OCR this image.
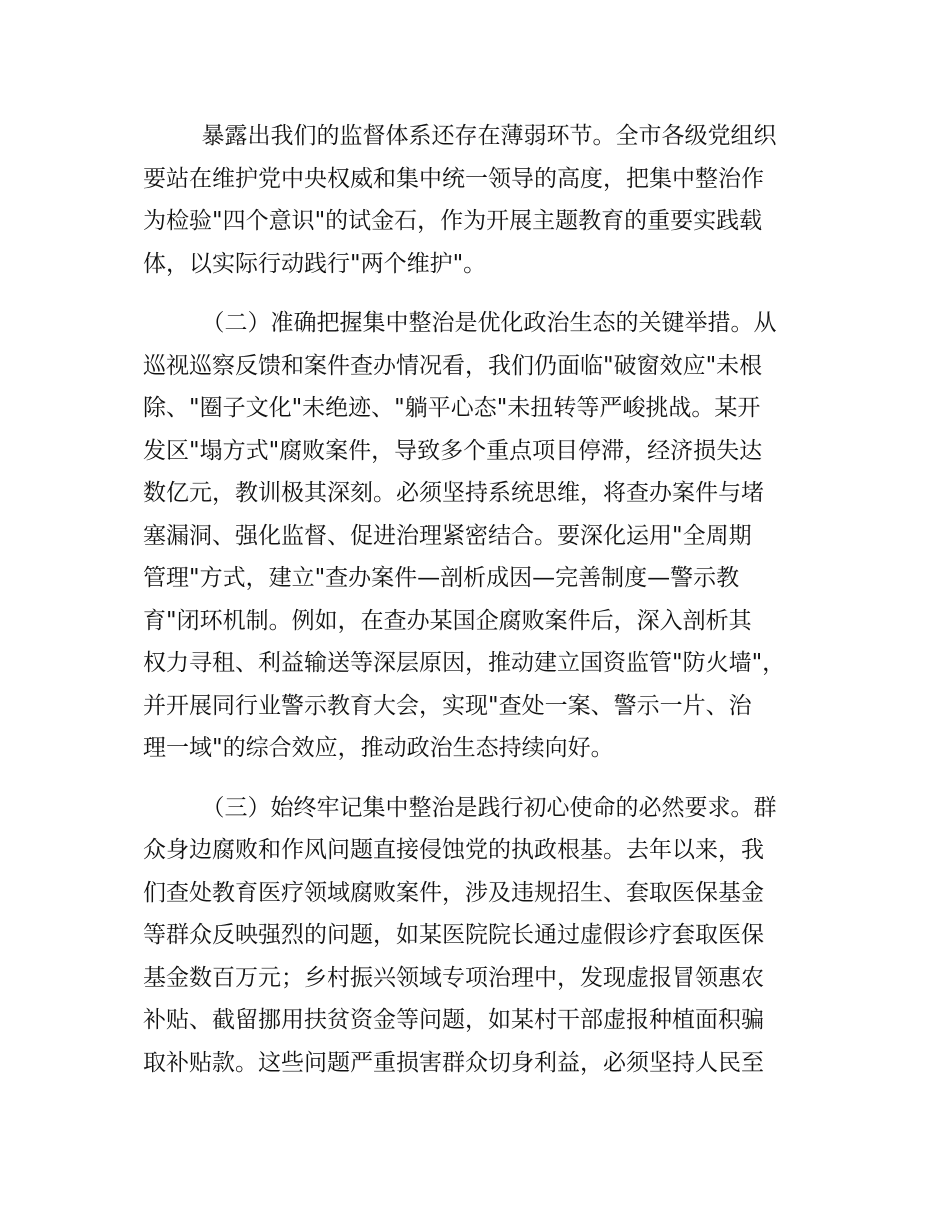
暴露出我们的监督体系还存在薄弱环节。全市各级党组织
要站在维护党中央权威和集中统一领导的高度，把集中整治作
为检验"四个意识"的试金石，作为开展主题教育的重要实践载
体，以实际行动践行"两个维护"。
（二）准确把握集中整治是优化政治生态的关键举措。从
巡视巡察反馈和案件查办情况看，我们仍面临"破窗效应"未根
除、"圈子文化"未绝迹、"躺平心态"未扭转等严峻挑战。某开
发区"塌方式"腐败案件，导致多个重点项目停滞，经济损失达
数亿元，教训极其深刻。必须坚持系统思维，将查办案件与堵
塞漏洞、强化监督、促进治理紧密结合。要深化运用"全周期
管理"方式，建立"查办案件—剖析成因—完善制度—警示教
育"闭环机制。例如，在查办某国企腐败案件后，深入剖析其
权力寻租、利益输送等深层原因，推动建立国资监管"防火墙"，
并开展同行业警示教育大会，实现"查处一案、警示一片、治
理一域"的综合效应，推动政治生态持续向好。
（三）始终牢记集中整治是践行初心使命的必然要求。群
众身边腐败和作风问题直接侵蚀党的执政根基。去年以来，我
们查处教育医疗领域腐败案件，涉及违规招生、套取医保基金
等群众反映强烈的问题，如某医院院长通过虚假诊疗套取医保
基金数百万元；乡村振兴领域专项治理中，发现虚报冒领惠农
补贴、截留挪用扶贫资金等问题，如某村干部虚报种植面积骗
取补贴款。这些问题严重损害群众切身利益，必须坚持人民至
